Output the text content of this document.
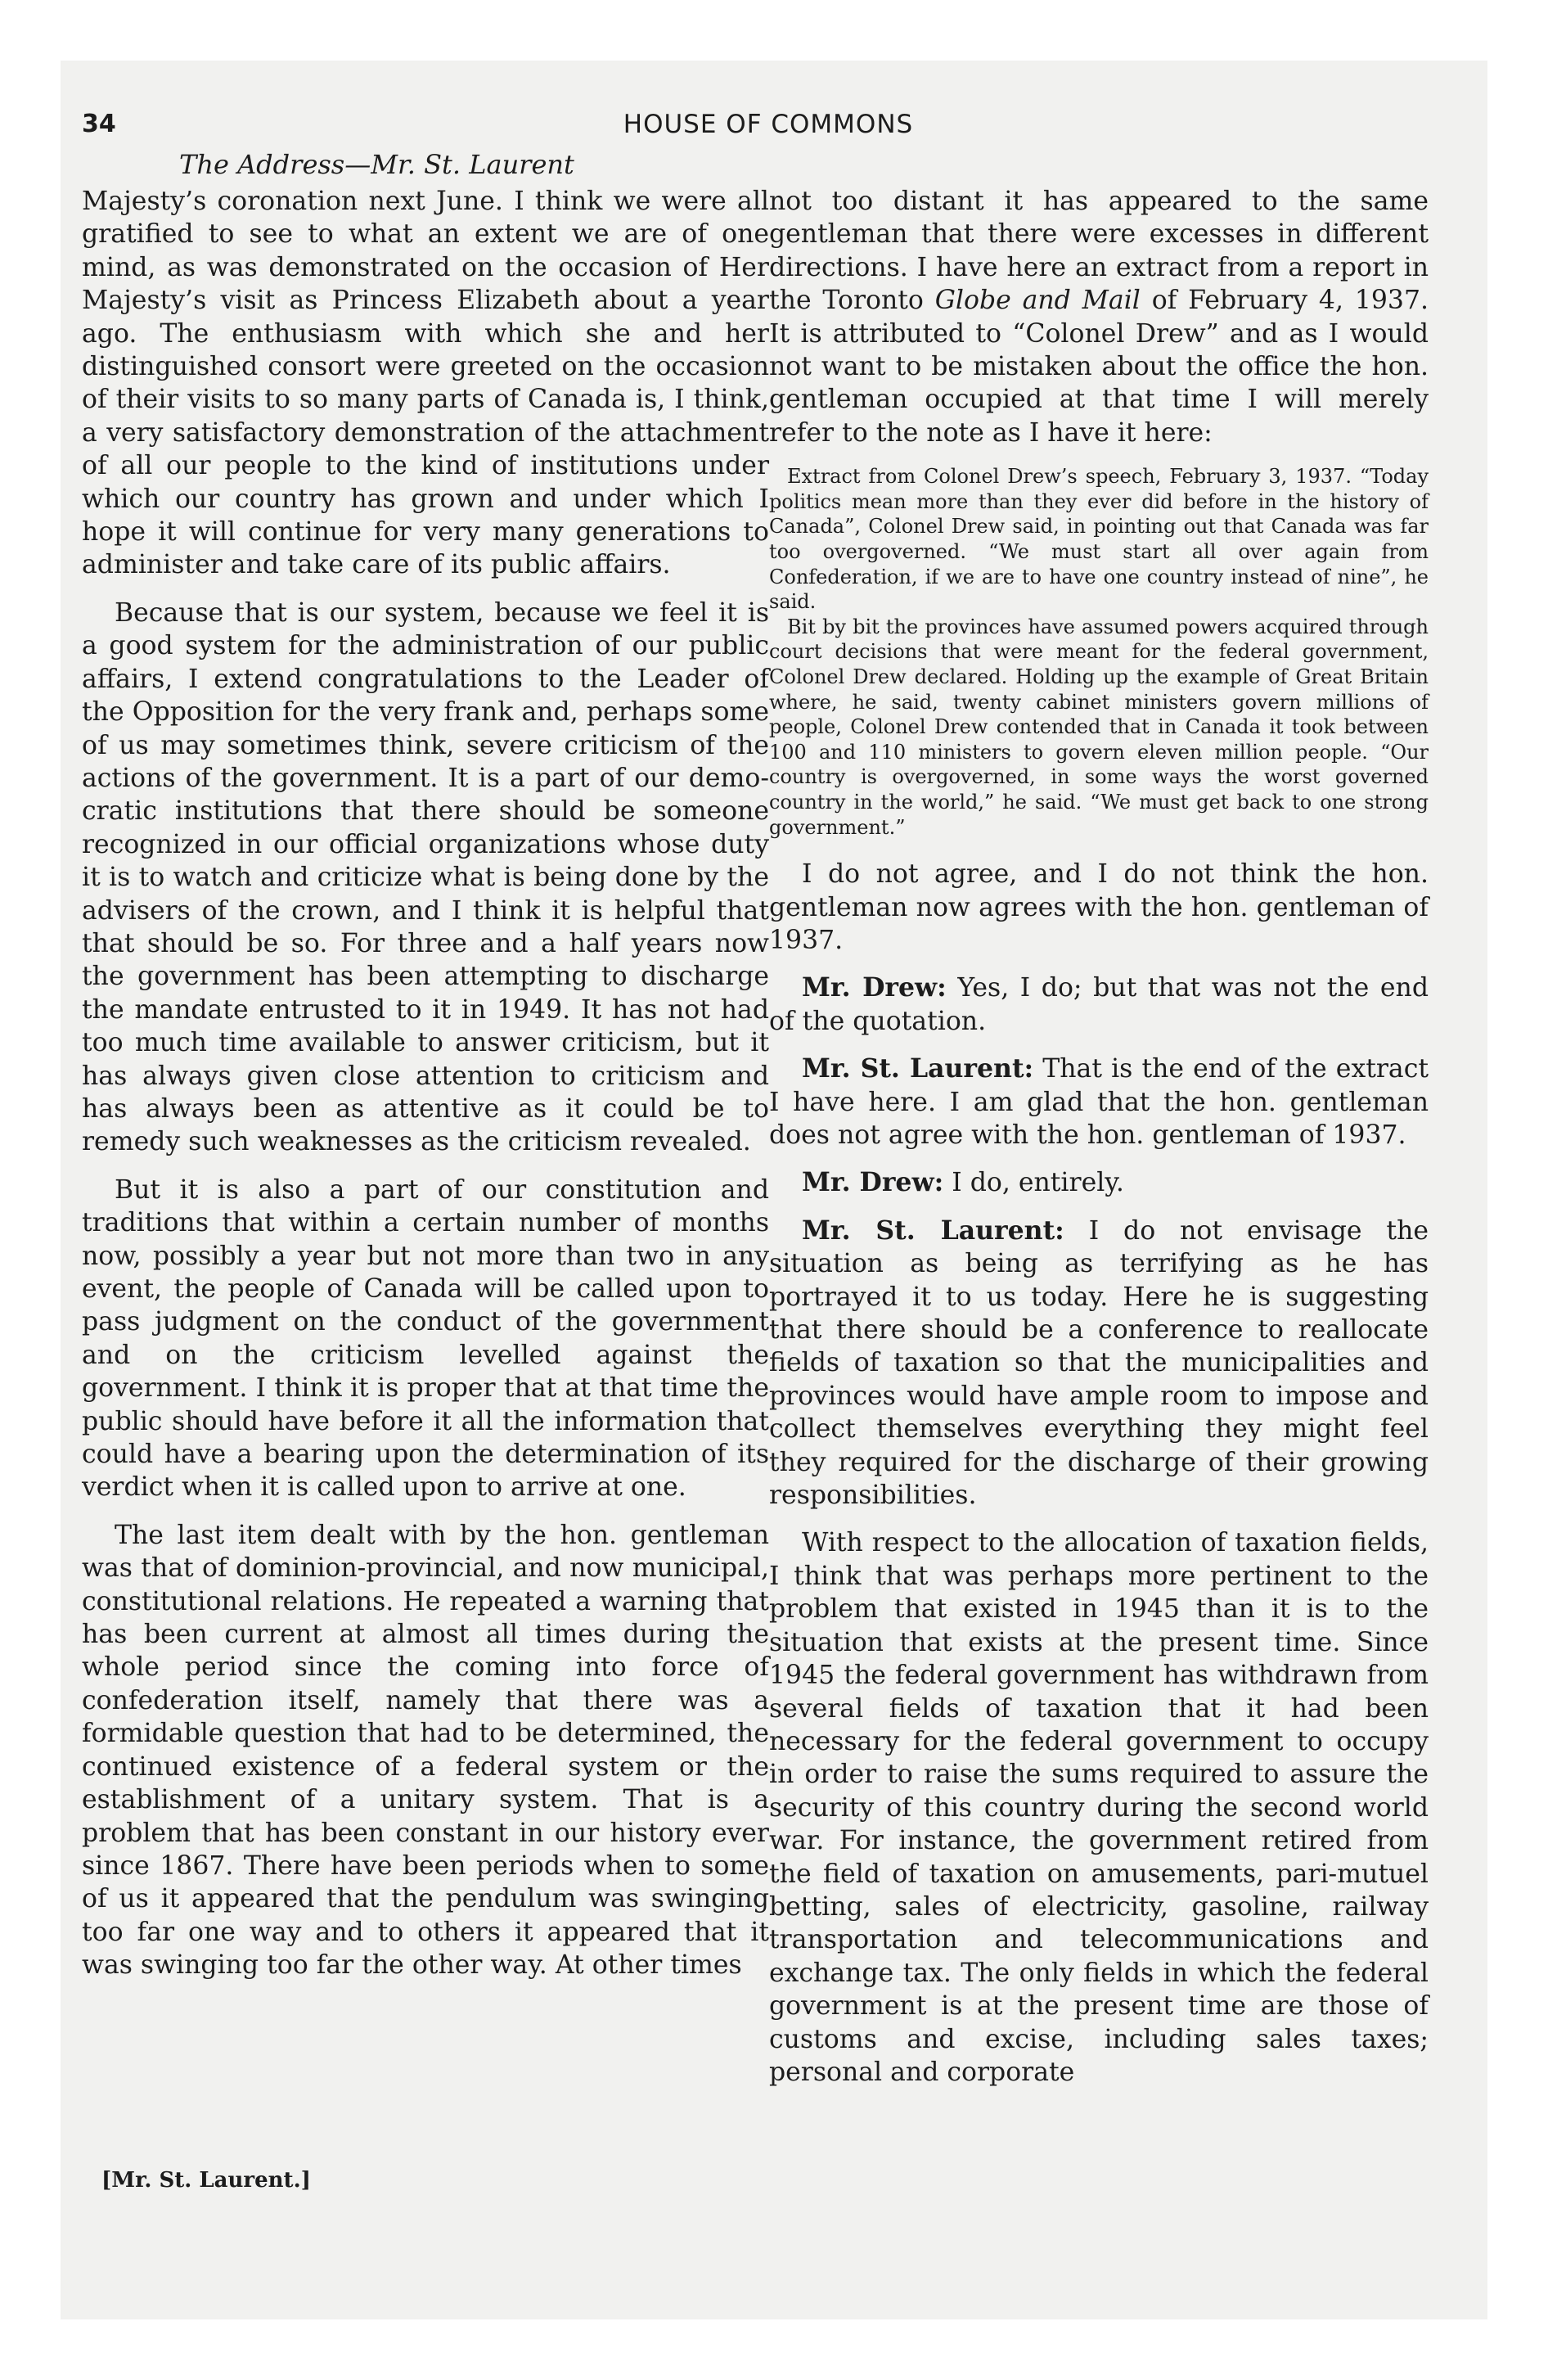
34	HOUSE OF COMMONS
The Address—Mr. St. Laurent

Majesty’s coronation next June. I think we were all gratified to see to what an extent we are of one mind, as was demonstrated on the occasion of Her Majesty’s visit as Princess Elizabeth about a year ago. The enthusiasm with which she and her distinguished consort were greeted on the occasion of their visits to so many parts of Canada is, I think, a very satisfactory demonstration of the attachment of all our people to the kind of institutions under which our country has grown and under which I hope it will continue for very many generations to administer and take care of its public affairs.

Because that is our system, because we feel it is a good system for the administration of our public affairs, I extend congratulations to the Leader of the Opposition for the very frank and, perhaps some of us may sometimes think, severe criticism of the actions of the government. It is a part of our democratic institutions that there should be someone recognized in our official organizations whose duty it is to watch and criticize what is being done by the advisers of the crown, and I think it is helpful that that should be so. For three and a half years now the government has been attempting to discharge the mandate entrusted to it in 1949. It has not had too much time available to answer criticism, but it has always given close attention to criticism and has always been as attentive as it could be to remedy such weaknesses as the criticism revealed.

But it is also a part of our constitution and traditions that within a certain number of months now, possibly a year but not more than two in any event, the people of Canada will be called upon to pass judgment on the conduct of the government and on the criticism levelled against the government. I think it is proper that at that time the public should have before it all the information that could have a bearing upon the determination of its verdict when it is called upon to arrive at one.

The last item dealt with by the hon. gentleman was that of dominion-provincial, and now municipal, constitutional relations. He repeated a warning that has been current at almost all times during the whole period since the coming into force of confederation itself, namely that there was a formidable question that had to be determined, the continued existence of a federal system or the establishment of a unitary system. That is a problem that has been constant in our history ever since 1867. There have been periods when to some of us it appeared that the pendulum was swinging too far one way and to others it appeared that it was swinging too far the other way. At other times

not too distant it has appeared to the same gentleman that there were excesses in different directions. I have here an extract from a report in the Toronto Globe and Mail of February 4, 1937. It is attributed to “Colonel Drew” and as I would not want to be mistaken about the office the hon. gentleman occupied at that time I will merely refer to the note as I have it here:

Extract from Colonel Drew’s speech, February 3, 1937. “Today politics mean more than they ever did before in the history of Canada”, Colonel Drew said, in pointing out that Canada was far too overgoverned. “We must start all over again from Confederation, if we are to have one country instead of nine”, he said.

Bit by bit the provinces have assumed powers acquired through court decisions that were meant for the federal government, Colonel Drew declared. Holding up the example of Great Britain where, he said, twenty cabinet ministers govern millions of people, Colonel Drew contended that in Canada it took between 100 and 110 ministers to govern eleven million people. “Our country is overgoverned, in some ways the worst governed country in the world,” he said. “We must get back to one strong government.”

I do not agree, and I do not think the hon. gentleman now agrees with the hon. gentleman of 1937.

Mr. Drew: Yes, I do; but that was not the end of the quotation.

Mr. St. Laurent: That is the end of the extract I have here. I am glad that the hon. gentleman does not agree with the hon. gentleman of 1937.

Mr. Drew: I do, entirely.

Mr. St. Laurent: I do not envisage the situation as being as terrifying as he has portrayed it to us today. Here he is suggesting that there should be a conference to reallocate fields of taxation so that the municipalities and provinces would have ample room to impose and collect themselves everything they might feel they required for the discharge of their growing responsibilities.

With respect to the allocation of taxation fields, I think that was perhaps more pertinent to the problem that existed in 1945 than it is to the situation that exists at the present time. Since 1945 the federal government has withdrawn from several fields of taxation that it had been necessary for the federal government to occupy in order to raise the sums required to assure the security of this country during the second world war. For instance, the government retired from the field of taxation on amusements, pari-mutuel betting, sales of electricity, gasoline, railway transportation and telecommunications and exchange tax. The only fields in which the federal government is at the present time are those of customs and excise, including sales taxes; personal and corporate

[Mr. St. Laurent.]
